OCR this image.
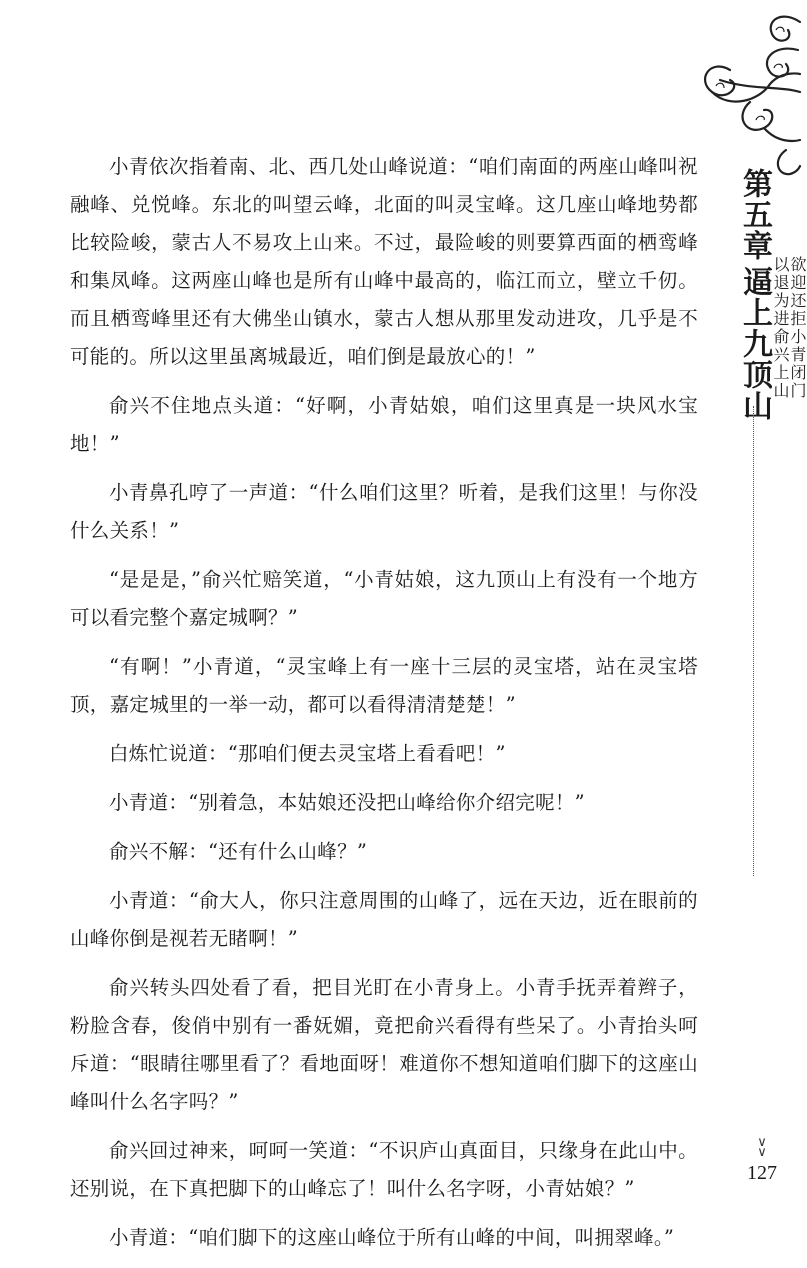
小青依次指着南、北、西几处山峰说道：“咱们南面的两座山峰叫祝融峰、兑悦峰。东北的叫望云峰，北面的叫灵宝峰。这几座山峰地势都比较险峻，蒙古人不易攻上山来。不过，最险峻的则要算西面的栖鸾峰和集凤峰。这两座山峰也是所有山峰中最高的，临江而立，壁立千仞。而且栖鸾峰里还有大佛坐山镇水，蒙古人想从那里发动进攻，几乎是不可能的。所以这里虽离城最近，咱们倒是最放心的！”

俞兴不住地点头道：“好啊，小青姑娘，咱们这里真是一块风水宝地！”

小青鼻孔哼了一声道：“什么咱们这里？听着，是我们这里！与你没什么关系！”

“是是是，”俞兴忙赔笑道，“小青姑娘，这九顶山上有没有一个地方可以看完整个嘉定城啊？”

“有啊！”小青道，“灵宝峰上有一座十三层的灵宝塔，站在灵宝塔顶，嘉定城里的一举一动，都可以看得清清楚楚！”

白炼忙说道：“那咱们便去灵宝塔上看看吧！”

小青道：“别着急，本姑娘还没把山峰给你介绍完呢！”

俞兴不解：“还有什么山峰？”

小青道：“俞大人，你只注意周围的山峰了，远在天边，近在眼前的山峰你倒是视若无睹啊！”

俞兴转头四处看了看，把目光盯在小青身上。小青手抚弄着辫子，粉脸含春，俊俏中别有一番妩媚，竟把俞兴看得有些呆了。小青抬头呵斥道：“眼睛往哪里看了？看地面呀！难道你不想知道咱们脚下的这座山峰叫什么名字吗？”

俞兴回过神来，呵呵一笑道：“不识庐山真面目，只缘身在此山中。还别说，在下真把脚下的山峰忘了！叫什么名字呀，小青姑娘？”

小青道：“咱们脚下的这座山峰位于所有山峰的中间，叫拥翠峰。”

第五章
逼上九顶山	欲迎还拒小青闭门
以退为进俞兴上山
∨
∨
127
